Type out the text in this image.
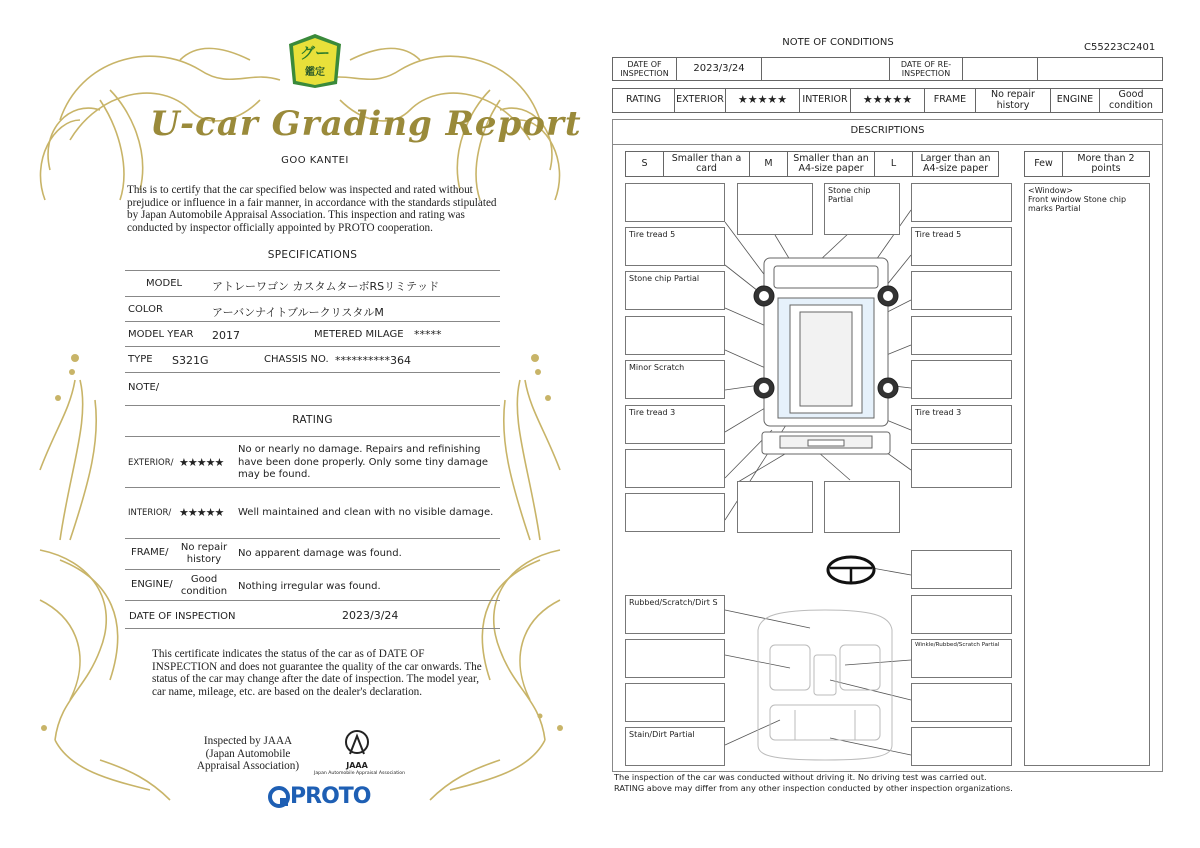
グー
鑑定
U-car Grading Report
GOO KANTEI
This is to certify that the car specified below was inspected and rated without prejudice or influence in a fair manner, in accordance with the standards stipulated by Japan Automobile Appraisal Association. This inspection and rating was conducted by inspector officially appointed by PROTO cooperation.
SPECIFICATIONS
MODEL	アトレーワゴン カスタムターボRSリミテッド
COLOR	アーバンナイトブルークリスタルM
MODEL YEAR 2017	METERED MILAGE *****
TYPE S321G	CHASSIS NO. **********364
NOTE/
RATING
EXTERIOR/ ★★★★★
No or nearly no damage. Repairs and refinishing have been done properly. Only some tiny damage may be found.
INTERIOR/ ★★★★★ Well maintained and clean with no visible damage.
FRAME/	No repair history
No apparent damage was found.
ENGINE/	Good condition	Nothing irregular was found.
DATE OF INSPECTION	2023/3/24
This certificate indicates the status of the car as of DATE OF INSPECTION and does not guarantee the quality of the car onwards. The status of the car may change after the date of inspection. The model year, car name, mileage, etc. are based on the dealer's declaration.
Inspected by JAAA (Japan Automobile Appraisal Association)	JAAA
Japan Automobile Appraisal Association
PROTO
NOTE OF CONDITIONS	C55223C2401
DATE OF INSPECTION	2023/3/24	DATE OF RE-INSPECTION
RATING	EXTERIOR	★★★★★	INTERIOR	★★★★★	FRAME	No repair history	ENGINE	Good condition
DESCRIPTIONS
S	Smaller than a card	M	Smaller than an A4-size paper	L	Larger than an A4-size paper	Few	More than 2 points
<Window>
Front window Stone chip marks Partial
Tire tread 5
Stone chip Partial
Minor Scratch
Tire tread 3
Stone chip Partial
Tire tread 5
Tire tread 3
Rubbed/Scratch/Dirt S
Winkle/Rubbed/Scratch Partial
Stain/Dirt Partial
The inspection of the car was conducted without driving it. No driving test was carried out.
RATING above may differ from any other inspection conducted by other inspection organizations.
